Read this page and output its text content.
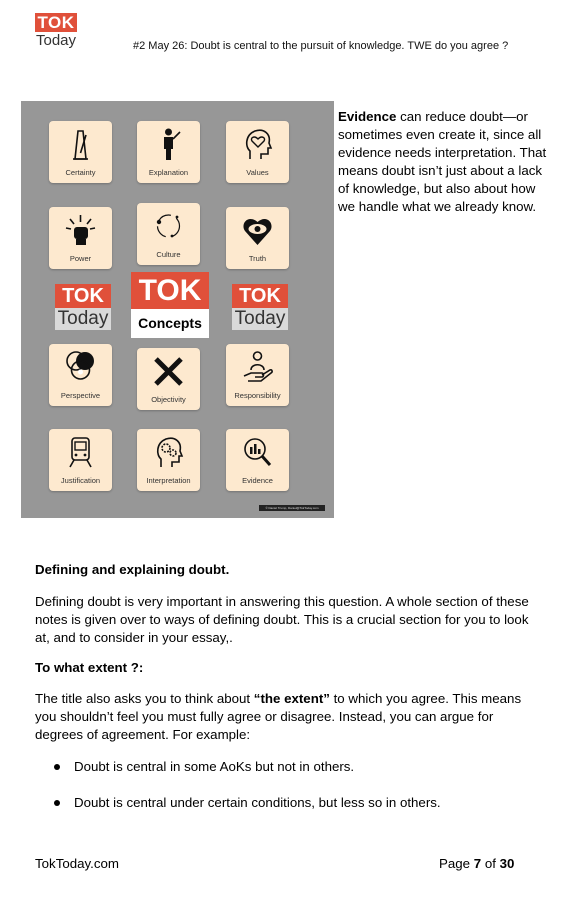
TOK
Today	#2 May 26: Doubt is central to the pursuit of knowledge. TWE do you agree ?
Certainty	Explanation	Values
Power	Culture	Truth
TOK
Today
TOK
Concepts
TOK
Today
Perspective	Objectivity	Responsibility
Justification	Interpretation	Evidence
© Daniel Trump, Daniel@TokToday.com
Evidence can reduce doubt—or sometimes even create it, since all evidence needs interpretation. That means doubt isn’t just about a lack of knowledge, but also about how we handle what we already know.
Defining and explaining doubt.
Defining doubt is very important in answering this question. A whole section of these notes is given over to ways of defining doubt. This is a crucial section for you to look at, and to consider in your essay,.
To what extent ?:
The title also asks you to think about “the extent” to which you agree. This means you shouldn’t feel you must fully agree or disagree. Instead, you can argue for degrees of agreement. For example:
Doubt is central in some AoKs but not in others.
Doubt is central under certain conditions, but less so in others.
TokToday.com	Page 7 of 30
